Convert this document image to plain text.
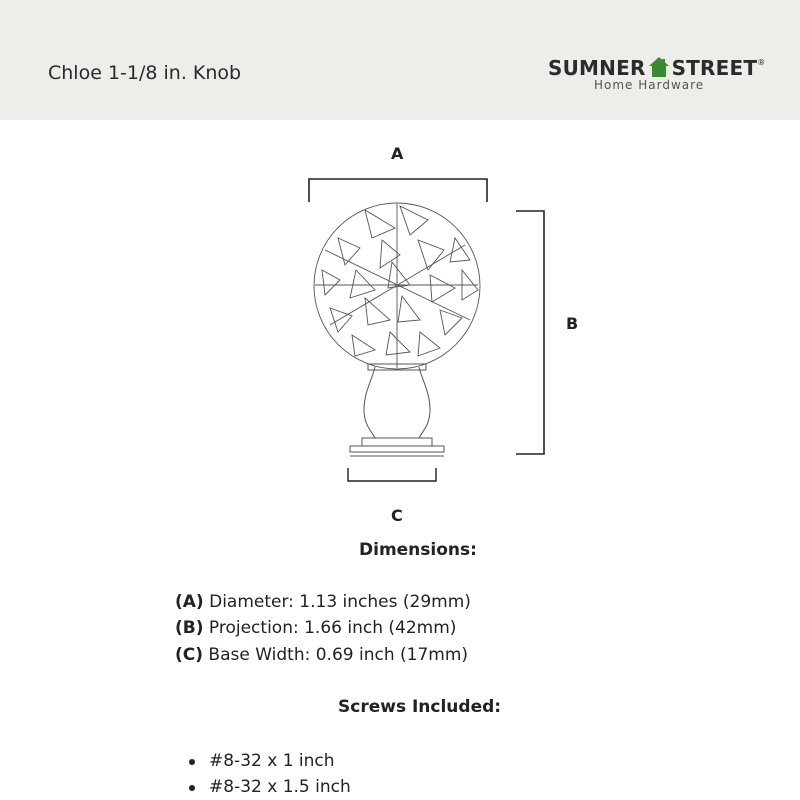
Chloe 1-1/8 in. Knob	SUMNER STREET®
Home Hardware
A
B
C
Dimensions:
(A) Diameter: 1.13 inches (29mm)
(B) Projection: 1.66 inch (42mm)
(C) Base Width: 0.69 inch (17mm)
Screws Included:
#8-32 x 1 inch
#8-32 x 1.5 inch
